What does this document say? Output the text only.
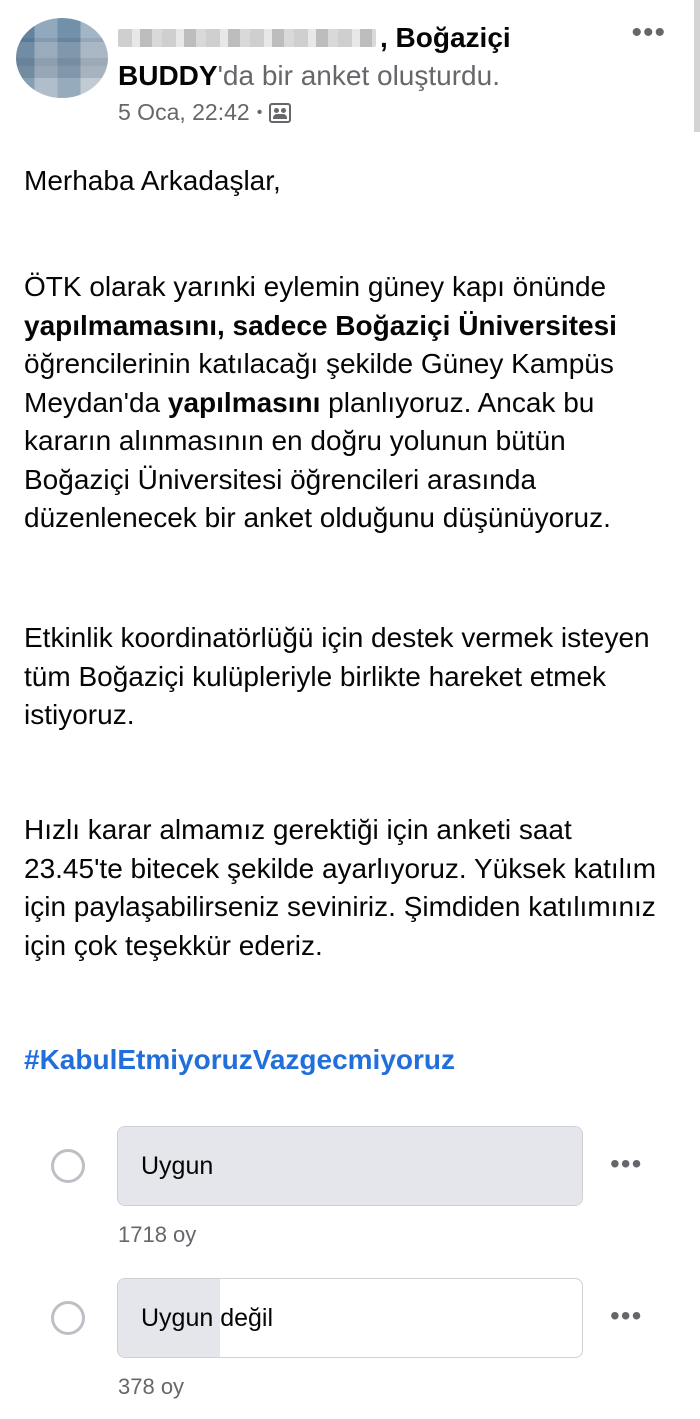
, Boğaziçi
BUDDY'da bir anket oluşturdu.
5 Oca, 22:42 •
•••

Merhaba Arkadaşlar,

ÖTK olarak yarınki eylemin güney kapı önünde yapılmamasını, sadece Boğaziçi Üniversitesi öğrencilerinin katılacağı şekilde Güney Kampüs Meydan'da yapılmasını planlıyoruz. Ancak bu kararın alınmasının en doğru yolunun bütün Boğaziçi Üniversitesi öğrencileri arasında düzenlenecek bir anket olduğunu düşünüyoruz.

Etkinlik koordinatörlüğü için destek vermek isteyen tüm Boğaziçi kulüpleriyle birlikte hareket etmek istiyoruz.

Hızlı karar almamız gerektiği için anketi saat 23.45'te bitecek şekilde ayarlıyoruz. Yüksek katılım için paylaşabilirseniz seviniriz. Şimdiden katılımınız için çok teşekkür ederiz.

#KabulEtmiyoruzVazgecmiyoruz
Uygun	•••
1718 oy
Uygun değil	•••
378 oy
